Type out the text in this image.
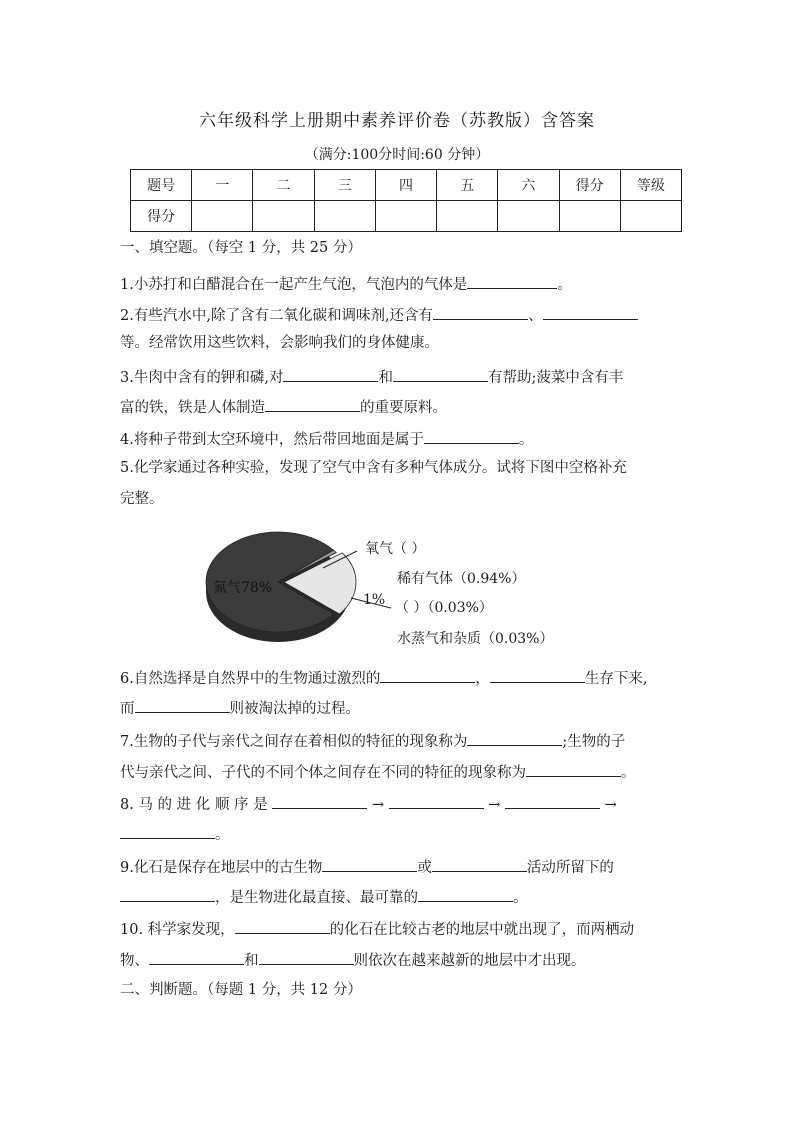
六年级科学上册期中素养评价卷（苏教版）含答案
（满分:100分时间:60 分钟）
题号	一	二	三	四	五	六	得分	等级
得分								
一、填空题。（每空 1 分，共 25 分）
1.小苏打和白醋混合在一起产生气泡，气泡内的气体是	。
2.有些汽水中,除了含有二氧化碳和调味剂,还含有	、
等。经常饮用这些饮料，会影响我们的身体健康。
3.牛肉中含有的钾和磷,对	和	有帮助;菠菜中含有丰
富的铁，铁是人体制造	的重要原料。
4.将种子带到太空环境中，然后带回地面是属于	。
5.化学家通过各种实验，发现了空气中含有多种气体成分。试将下图中空格补充
完整。
氮气78%
氧气（ ）
稀有气体（0.94%）
1% （ ）（0.03%）
水蒸气和杂质（0.03%）
6.自然选择是自然界中的生物通过激烈的	，	生存下来,
而	则被淘汰掉的过程。
7.生物的子代与亲代之间存在着相似的特征的现象称为	;生物的子
代与亲代之间、子代的不同个体之间存在不同的特征的现象称为	。
8. 马 的 进 化 顺 序 是	→	→	→
。
9.化石是保存在地层中的古生物	或	活动所留下的
，是生物进化最直接、最可靠的	。
10. 科学家发现，	的化石在比较古老的地层中就出现了，而两栖动
物、	和	则依次在越来越新的地层中才出现。
二、判断题。（每题 1 分，共 12 分）
